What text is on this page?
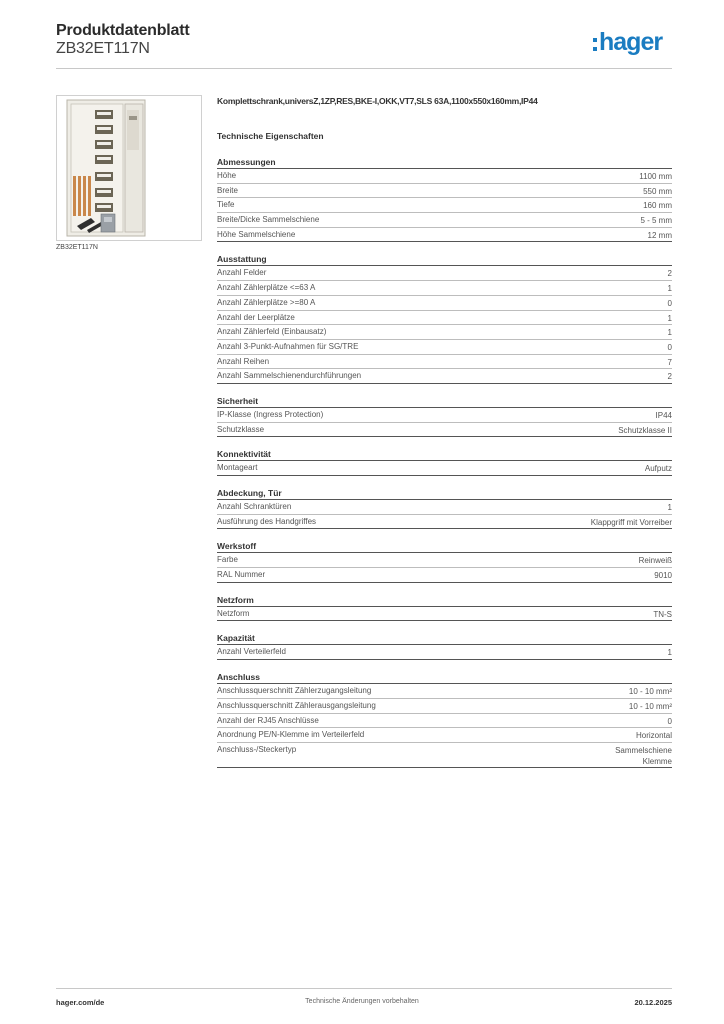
Produktdatenblatt
ZB32ET117N	hager
ZB32ET117N
Komplettschrank,universZ,1ZP,RES,BKE-I,OKK,VT7,SLS 63A,1100x550x160mm,IP44
Technische Eigenschaften
Abmessungen
Höhe	1100 mm
Breite	550 mm
Tiefe	160 mm
Breite/Dicke Sammelschiene	5 - 5 mm
Höhe Sammelschiene	12 mm
Ausstattung
Anzahl Felder	2
Anzahl Zählerplätze <=63 A	1
Anzahl Zählerplätze >=80 A	0
Anzahl der Leerplätze	1
Anzahl Zählerfeld (Einbausatz)	1
Anzahl 3-Punkt-Aufnahmen für SG/TRE	0
Anzahl Reihen	7
Anzahl Sammelschienendurchführungen	2
Sicherheit
IP-Klasse (Ingress Protection)	IP44
Schutzklasse	Schutzklasse II
Konnektivität
Montageart	Aufputz
Abdeckung, Tür
Anzahl Schranktüren	1
Ausführung des Handgriffes	Klappgriff mit Vorreiber
Werkstoff
Farbe	Reinweiß
RAL Nummer	9010
Netzform
Netzform	TN-S
Kapazität
Anzahl Verteilerfeld	1
Anschluss
Anschlussquerschnitt Zählerzugangsleitung	10 - 10 mm²
Anschlussquerschnitt Zählerausgangsleitung	10 - 10 mm²
Anzahl der RJ45 Anschlüsse	0
Anordnung PE/N-Klemme im Verteilerfeld	Horizontal
Anschluss-/Steckertyp	Sammelschiene
Klemme
hager.com/de	Technische Änderungen vorbehalten	20.12.2025
